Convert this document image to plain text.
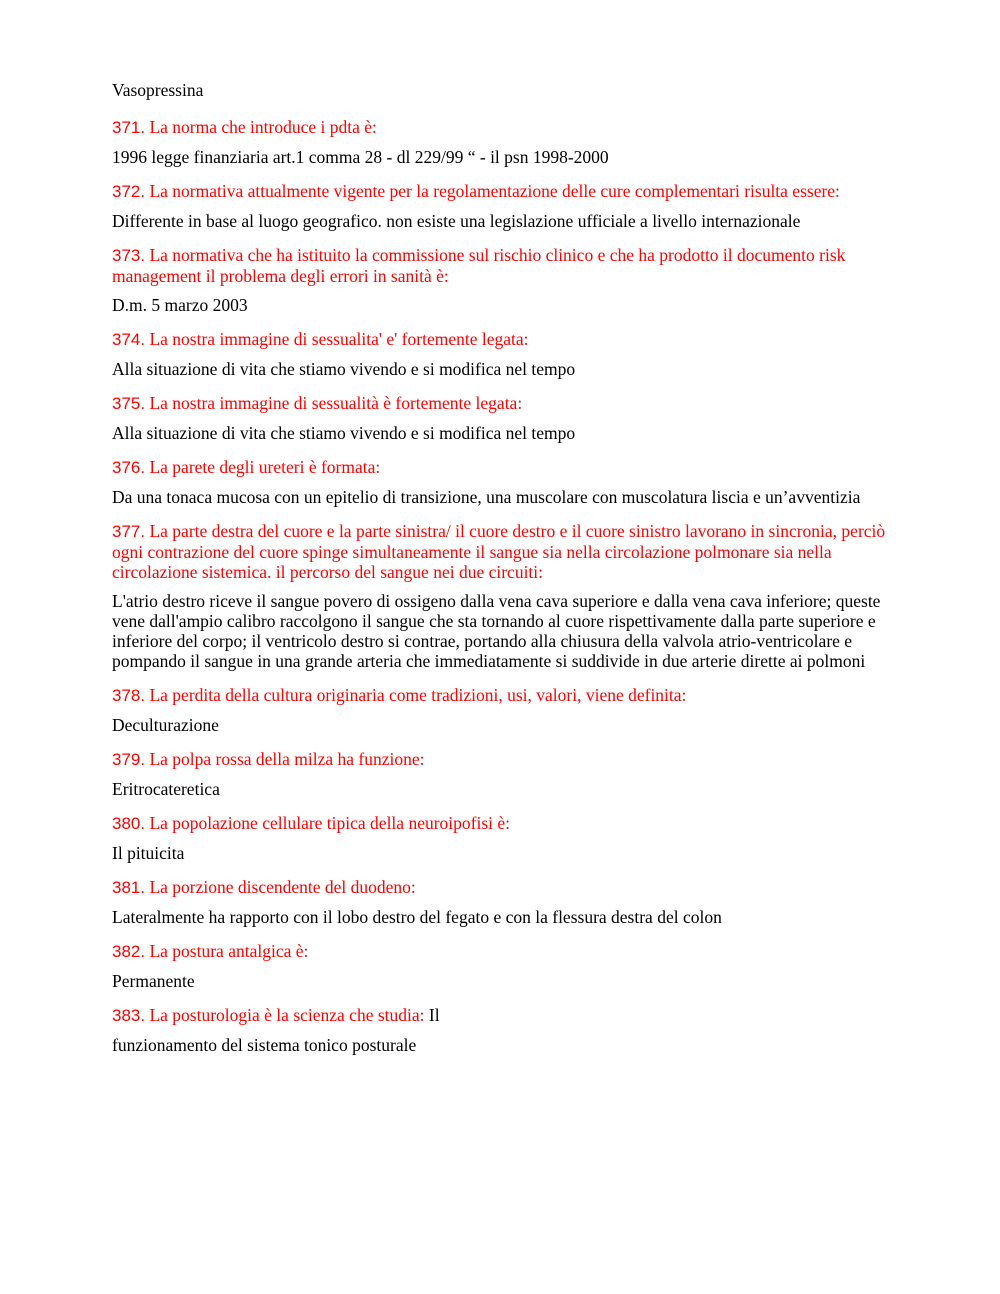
Vasopressina

371. La norma che introduce i pdta è:

1996 legge finanziaria art.1 comma 28 - dl 229/99 “ - il psn 1998-2000

372. La normativa attualmente vigente per la regolamentazione delle cure complementari risulta essere:

Differente in base al luogo geografico. non esiste una legislazione ufficiale a livello internazionale

373. La normativa che ha istituito la commissione sul rischio clinico e che ha prodotto il documento risk management il problema degli errori in sanità è:

D.m. 5 marzo 2003

374. La nostra immagine di sessualita' e' fortemente legata:

Alla situazione di vita che stiamo vivendo e si modifica nel tempo

375. La nostra immagine di sessualità è fortemente legata:

Alla situazione di vita che stiamo vivendo e si modifica nel tempo

376. La parete degli ureteri è formata:

Da una tonaca mucosa con un epitelio di transizione, una muscolare con muscolatura liscia e un’avventizia

377. La parte destra del cuore e la parte sinistra/ il cuore destro e il cuore sinistro lavorano in sincronia, perciò ogni contrazione del cuore spinge simultaneamente il sangue sia nella circolazione polmonare sia nella circolazione sistemica. il percorso del sangue nei due circuiti:

L'atrio destro riceve il sangue povero di ossigeno dalla vena cava superiore e dalla vena cava inferiore; queste vene dall'ampio calibro raccolgono il sangue che sta tornando al cuore rispettivamente dalla parte superiore e inferiore del corpo; il ventricolo destro si contrae, portando alla chiusura della valvola atrio-ventricolare e pompando il sangue in una grande arteria che immediatamente si suddivide in due arterie dirette ai polmoni

378. La perdita della cultura originaria come tradizioni, usi, valori, viene definita:

Deculturazione

379. La polpa rossa della milza ha funzione:

Eritrocateretica

380. La popolazione cellulare tipica della neuroipofisi è:

Il pituicita

381. La porzione discendente del duodeno:

Lateralmente ha rapporto con il lobo destro del fegato e con la flessura destra del colon

382. La postura antalgica è:

Permanente

383. La posturologia è la scienza che studia: Il

funzionamento del sistema tonico posturale
